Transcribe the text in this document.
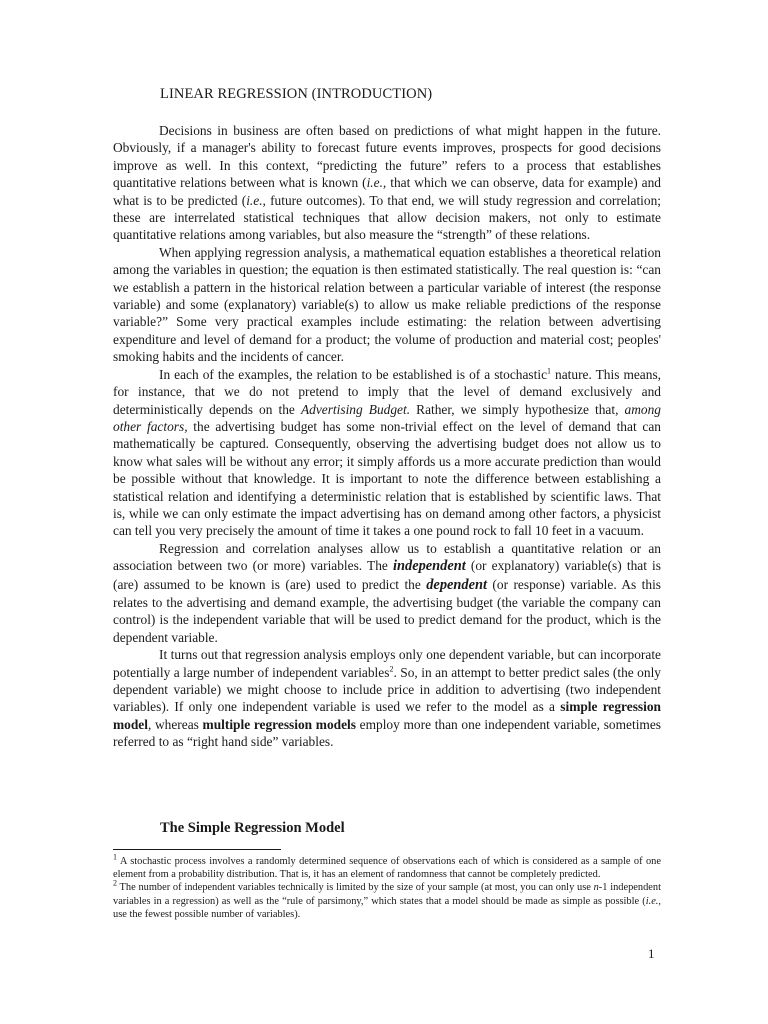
LINEAR REGRESSION (INTRODUCTION)

Decisions in business are often based on predictions of what might happen in the future. Obviously, if a manager's ability to forecast future events improves, prospects for good decisions improve as well. In this context, “predicting the future” refers to a process that establishes quantitative relations between what is known (i.e., that which we can observe, data for example) and what is to be predicted (i.e., future outcomes). To that end, we will study regression and correlation; these are interrelated statistical techniques that allow decision makers, not only to estimate quantitative relations among variables, but also measure the “strength” of these relations.

When applying regression analysis, a mathematical equation establishes a theoretical relation among the variables in question; the equation is then estimated statistically. The real question is: “can we establish a pattern in the historical relation between a particular variable of interest (the response variable) and some (explanatory) variable(s) to allow us make reliable predictions of the response variable?” Some very practical examples include estimating: the relation between advertising expenditure and level of demand for a product; the volume of production and material cost; peoples' smoking habits and the incidents of cancer.

In each of the examples, the relation to be established is of a stochastic$^1$ nature. This means, for instance, that we do not pretend to imply that the level of demand exclusively and deterministically depends on the Advertising Budget. Rather, we simply hypothesize that, among other factors, the advertising budget has some non-trivial effect on the level of demand that can mathematically be captured. Consequently, observing the advertising budget does not allow us to know what sales will be without any error; it simply affords us a more accurate prediction than would be possible without that knowledge. It is important to note the difference between establishing a statistical relation and identifying a deterministic relation that is established by scientific laws. That is, while we can only estimate the impact advertising has on demand among other factors, a physicist can tell you very precisely the amount of time it takes a one pound rock to fall 10 feet in a vacuum.

Regression and correlation analyses allow us to establish a quantitative relation or an association between two (or more) variables. The independent (or explanatory) variable(s) that is (are) assumed to be known is (are) used to predict the dependent (or response) variable. As this relates to the advertising and demand example, the advertising budget (the variable the company can control) is the independent variable that will be used to predict demand for the product, which is the dependent variable.

It turns out that regression analysis employs only one dependent variable, but can incorporate potentially a large number of independent variables$^2$. So, in an attempt to better predict sales (the only dependent variable) we might choose to include price in addition to advertising (two independent variables). If only one independent variable is used we refer to the model as a simple regression model, whereas multiple regression models employ more than one independent variable, sometimes referred to as “right hand side” variables.

The Simple Regression Model

$^1$ A stochastic process involves a randomly determined sequence of observations each of which is considered as a sample of one element from a probability distribution. That is, it has an element of randomness that cannot be completely predicted.

$^2$ The number of independent variables technically is limited by the size of your sample (at most, you can only use n-1 independent variables in a regression) as well as the “rule of parsimony,” which states that a model should be made as simple as possible (i.e., use the fewest possible number of variables).

1
